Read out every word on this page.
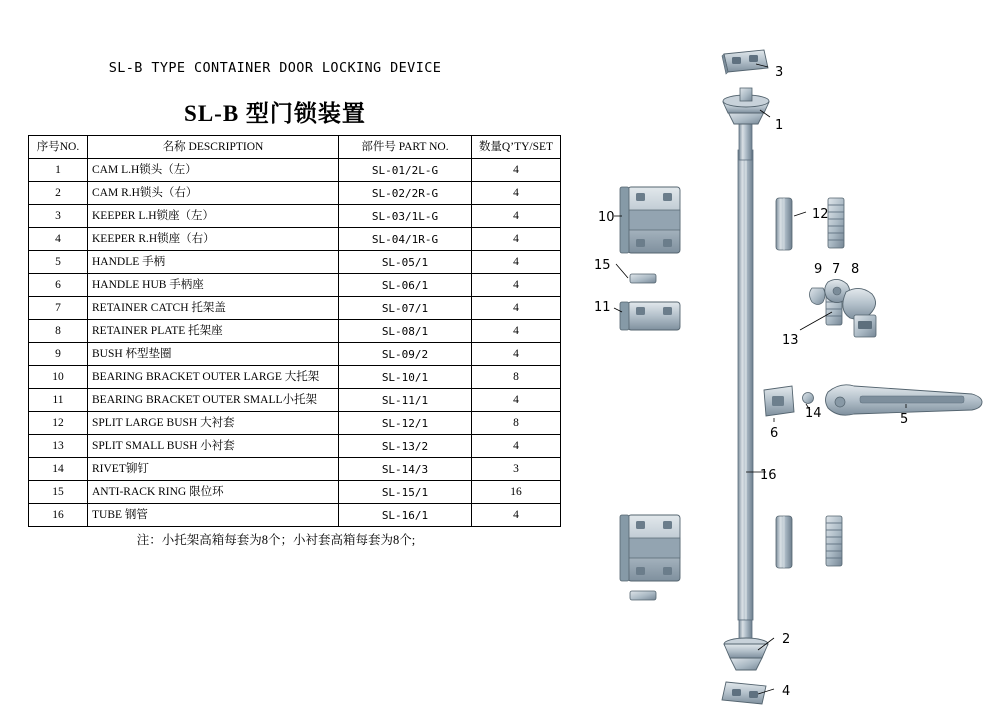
SL-B TYPE CONTAINER DOOR LOCKING DEVICE
SL-B 型门锁装置
序号NO.	名称 DESCRIPTION	部件号 PART NO.	数量Q’TY/SET
1	CAM L.H锁头（左）	SL-01/2L-G	4
2	CAM R.H锁头（右）	SL-02/2R-G	4
3	KEEPER L.H锁座（左）	SL-03/1L-G	4
4	KEEPER R.H锁座（右）	SL-04/1R-G	4
5	HANDLE 手柄	SL-05/1	4
6	HANDLE HUB 手柄座	SL-06/1	4
7	RETAINER CATCH 托架盖	SL-07/1	4
8	RETAINER PLATE 托架座	SL-08/1	4
9	BUSH 杯型垫圈	SL-09/2	4
10	BEARING BRACKET OUTER LARGE 大托架	SL-10/1	8
11	BEARING BRACKET OUTER SMALL小托架	SL-11/1	4
12	SPLIT LARGE BUSH 大衬套	SL-12/1	8
13	SPLIT SMALL BUSH 小衬套	SL-13/2	4
14	RIVET铆钉	SL-14/3	3
15	ANTI-RACK RING 限位环	SL-15/1	16
16	TUBE 钢管	SL-16/1	4
注：小托架高箱每套为8个；小衬套高箱每套为8个;
3
1
10	12
15	9 7 8
11
13
14	5
6
16
2
4
